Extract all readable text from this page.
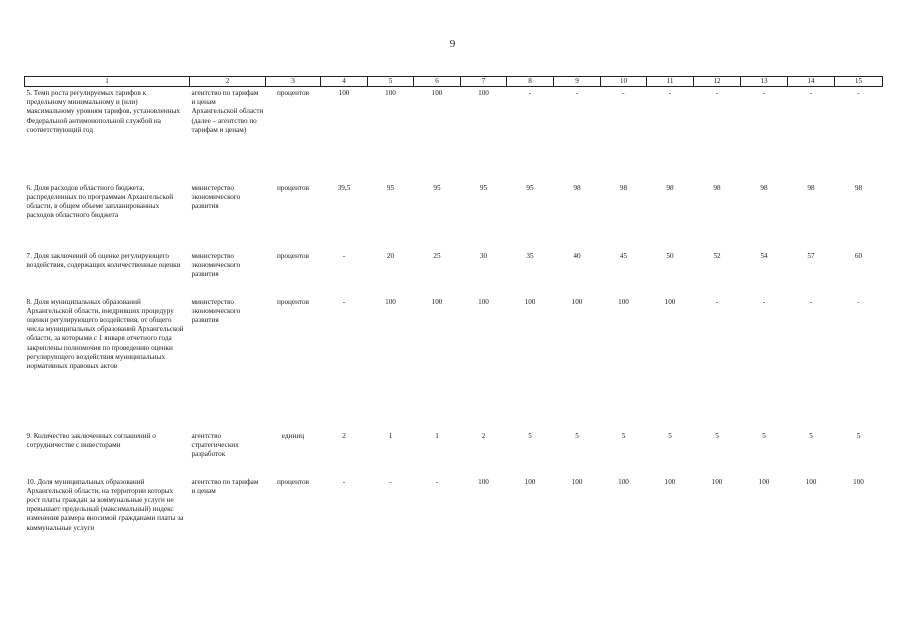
9
1	2	3	4	5	6	7	8	9	10	11	12	13	14	15
5. Темп роста регулируемых тарифов к предельному минимальному и (или) максимальному уровням тарифов, установленных Федеральной антимонопольной службой на соответствующий год	агентство по тарифам и ценам Архангельской области (далее – агентство по тарифам и ценам)	процентов	100	100	100	100	-	-	-	-	-	-	-	-
6. Доля расходов областного бюджета, распределенных по программам Архангельской области, в общем объеме запланированных расходов областного бюджета	министерство экономического развития	процентов	39,5	95	95	95	95	98	98	98	98	98	98	98
7. Доля заключений об оценке регулирующего воздействия, содержащих количественные оценки	министерство экономического развития	процентов	-	20	25	30	35	40	45	50	52	54	57	60
8. Доля муниципальных образований Архангельской области, внедривших процедуру оценки регулирующего воздействия, от общего числа муниципальных образований Архангельской области, за которыми с 1 января отчетного года закреплены полномочия по проведению оценки регулирующего воздействия муниципальных нормативных правовых актов	министерство экономического развития	процентов	-	100	100	100	100	100	100	100	-	-	-	-
9. Количество заключенных соглашений о сотрудничестве с инвесторами	агентство стратегических разработок	единиц	2	1	1	2	5	5	5	5	5	5	5	5
10. Доля муниципальных образований Архангельской области, на территории которых рост платы граждан за коммунальные услуги не превышает предельный (максимальный) индекс изменения размера вносимой гражданами платы за коммунальные услуги	агентство по тарифам и ценам	процентов	-	-	-	100	100	100	100	100	100	100	100	100
